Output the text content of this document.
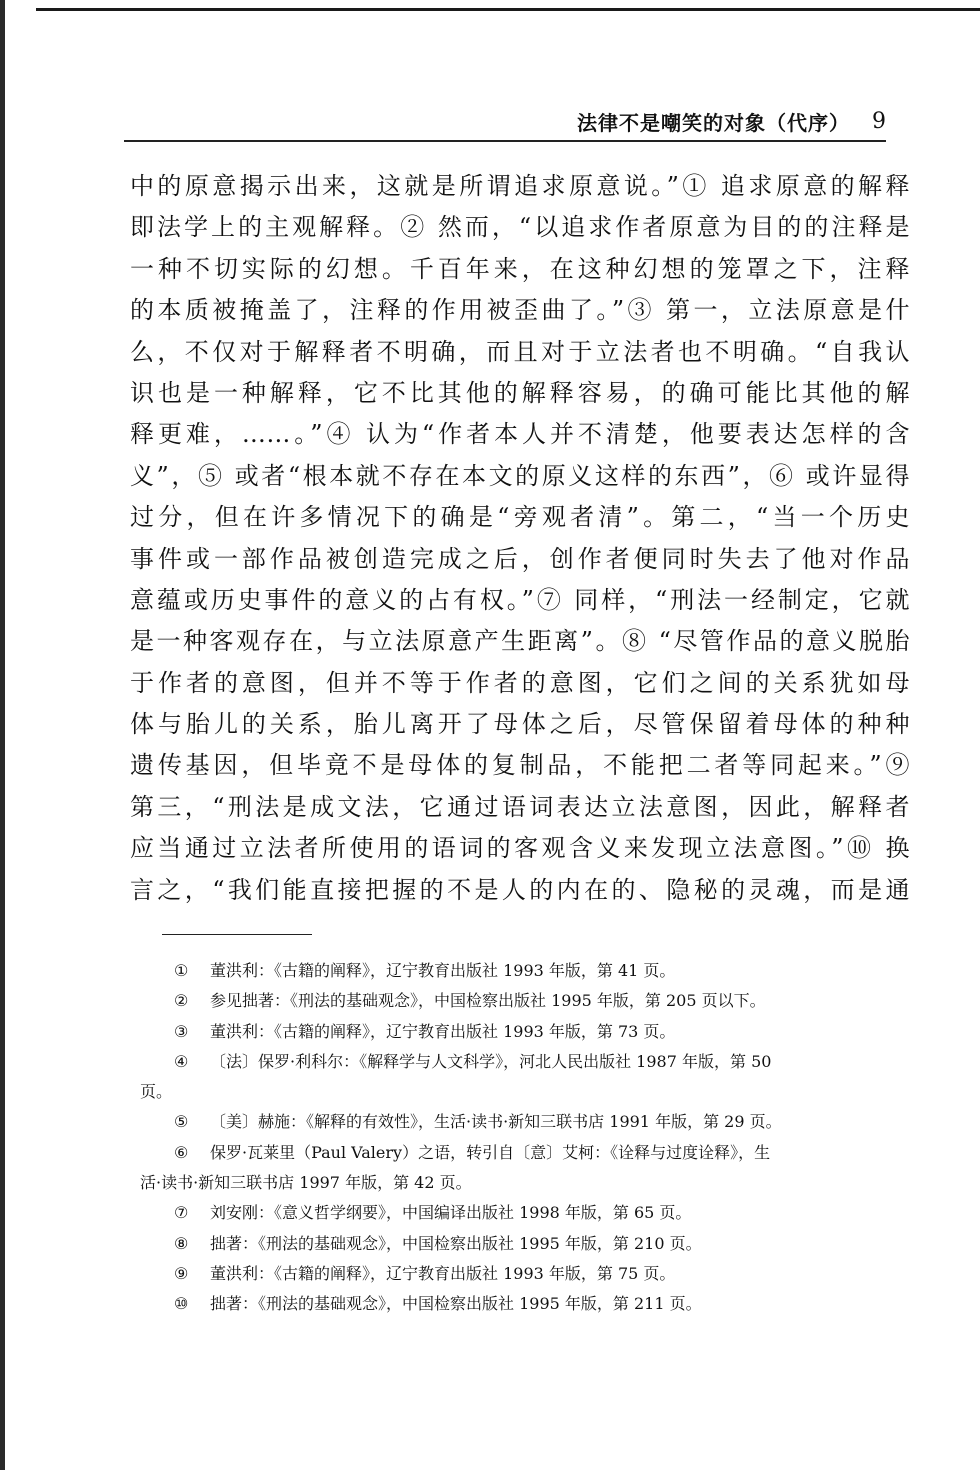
法律不是嘲笑的对象（代序） 9
中的原意揭示出来，这就是所谓追求原意说。”① 追求原意的解释
即法学上的主观解释。② 然而，“以追求作者原意为目的的注释是
一种不切实际的幻想。千百年来，在这种幻想的笼罩之下，注释
的本质被掩盖了，注释的作用被歪曲了。”③ 第一，立法原意是什
么，不仅对于解释者不明确，而且对于立法者也不明确。“自我认
识也是一种解释，它不比其他的解释容易，的确可能比其他的解
释更难，……。”④ 认为“作者本人并不清楚，他要表达怎样的含
义”，⑤ 或者“根本就不存在本文的原义这样的东西”，⑥ 或许显得
过分，但在许多情况下的确是“旁观者清”。第二，“当一个历史
事件或一部作品被创造完成之后，创作者便同时失去了他对作品
意蕴或历史事件的意义的占有权。”⑦ 同样，“刑法一经制定，它就
是一种客观存在，与立法原意产生距离”。⑧ “尽管作品的意义脱胎
于作者的意图，但并不等于作者的意图，它们之间的关系犹如母
体与胎儿的关系，胎儿离开了母体之后，尽管保留着母体的种种
遗传基因，但毕竟不是母体的复制品，不能把二者等同起来。”⑨
第三，“刑法是成文法，它通过语词表达立法意图，因此，解释者
应当通过立法者所使用的语词的客观含义来发现立法意图。”⑩ 换
言之，“我们能直接把握的不是人的内在的、隐秘的灵魂，而是通
① 董洪利：《古籍的阐释》，辽宁教育出版社 1993 年版，第 41 页。
② 参见拙著：《刑法的基础观念》，中国检察出版社 1995 年版，第 205 页以下。
③ 董洪利：《古籍的阐释》，辽宁教育出版社 1993 年版，第 73 页。
④ 〔法〕保罗·利科尔：《解释学与人文科学》，河北人民出版社 1987 年版，第 50
页。
⑤ 〔美〕赫施：《解释的有效性》，生活·读书·新知三联书店 1991 年版，第 29 页。
⑥ 保罗·瓦莱里（Paul Valery）之语，转引自〔意〕艾柯：《诠释与过度诠释》，生
活·读书·新知三联书店 1997 年版，第 42 页。
⑦ 刘安刚：《意义哲学纲要》，中国编译出版社 1998 年版，第 65 页。
⑧ 拙著：《刑法的基础观念》，中国检察出版社 1995 年版，第 210 页。
⑨ 董洪利：《古籍的阐释》，辽宁教育出版社 1993 年版，第 75 页。
⑩ 拙著：《刑法的基础观念》，中国检察出版社 1995 年版，第 211 页。
